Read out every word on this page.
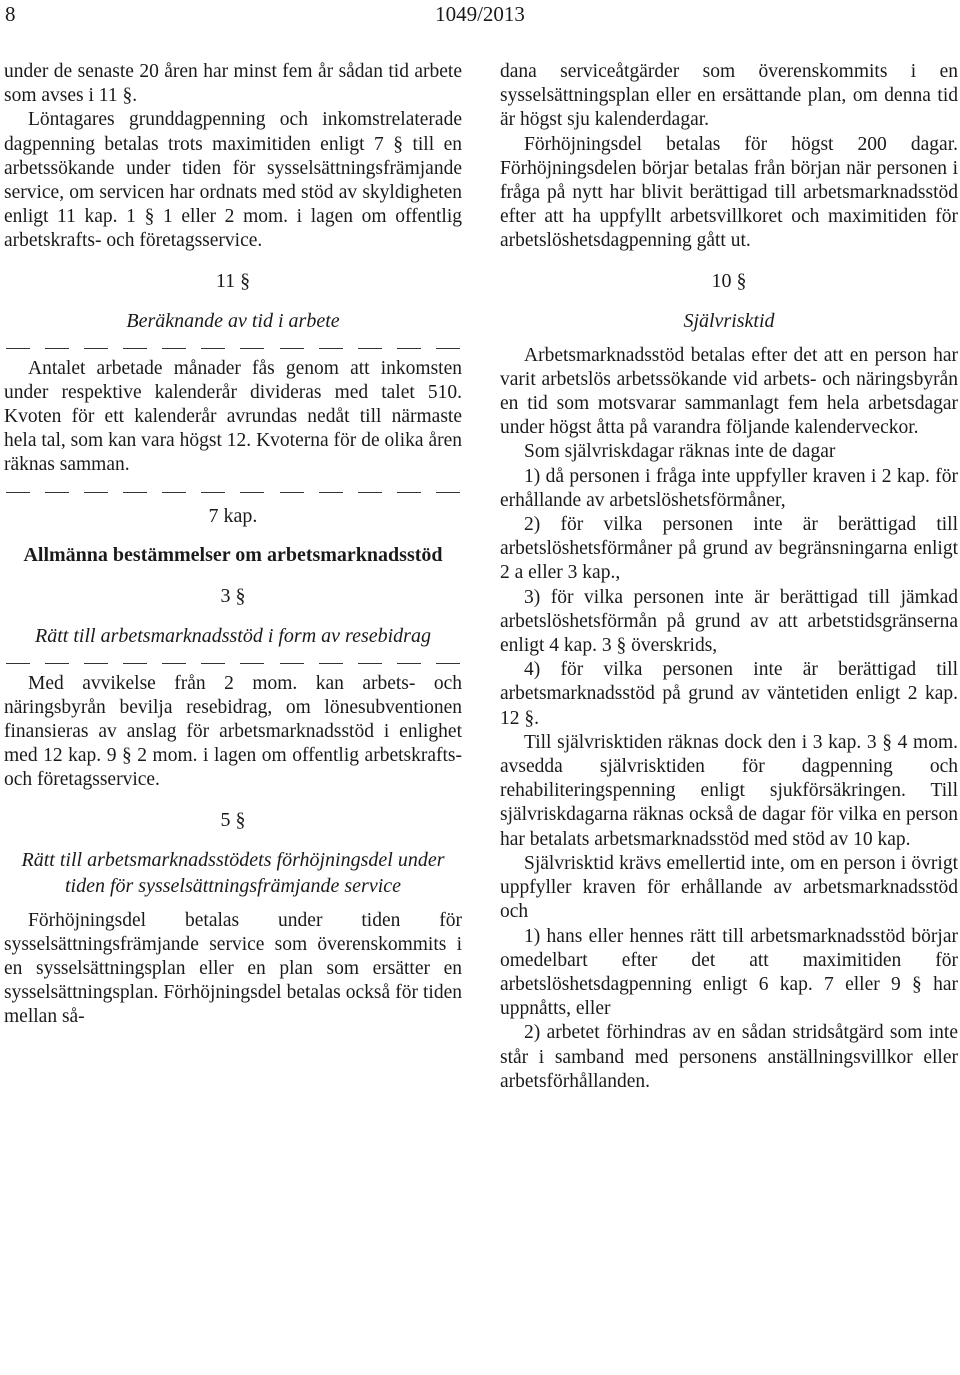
8	1049/2013

under de senaste 20 åren har minst fem år sådan tid arbete som avses i 11 §.

Löntagares grunddagpenning och inkomstrelaterade dagpenning betalas trots maximitiden enligt 7 § till en arbetssökande under tiden för sysselsättningsfrämjande service, om servicen har ordnats med stöd av skyldigheten enligt 11 kap. 1 § 1 eller 2 mom. i lagen om offentlig arbetskrafts- och företagsservice.

11 §
Beräknande av tid i arbete

Antalet arbetade månader fås genom att inkomsten under respektive kalenderår divideras med talet 510. Kvoten för ett kalenderår avrundas nedåt till närmaste hela tal, som kan vara högst 12. Kvoterna för de olika åren räknas samman.

7 kap.
Allmänna bestämmelser om arbetsmarknadsstöd
3 §
Rätt till arbetsmarknadsstöd i form av resebidrag

Med avvikelse från 2 mom. kan arbets- och näringsbyrån bevilja resebidrag, om lönesubventionen finansieras av anslag för arbetsmarknadsstöd i enlighet med 12 kap. 9 § 2 mom. i lagen om offentlig arbetskrafts- och företagsservice.

5 §
Rätt till arbetsmarknadsstödets förhöjningsdel under tiden för sysselsättningsfrämjande service

Förhöjningsdel betalas under tiden för sysselsättningsfrämjande service som överenskommits i en sysselsättningsplan eller en plan som ersätter en sysselsättningsplan. Förhöjningsdel betalas också för tiden mellan så-

dana serviceåtgärder som överenskommits i en sysselsättningsplan eller en ersättande plan, om denna tid är högst sju kalenderdagar.

Förhöjningsdel betalas för högst 200 dagar. Förhöjningsdelen börjar betalas från början när personen i fråga på nytt har blivit berättigad till arbetsmarknadsstöd efter att ha uppfyllt arbetsvillkoret och maximitiden för arbetslöshetsdagpenning gått ut.

10 §
Självrisktid

Arbetsmarknadsstöd betalas efter det att en person har varit arbetslös arbetssökande vid arbets- och näringsbyrån en tid som motsvarar sammanlagt fem hela arbetsdagar under högst åtta på varandra följande kalenderveckor.

Som självriskdagar räknas inte de dagar

1) då personen i fråga inte uppfyller kraven i 2 kap. för erhållande av arbetslöshetsförmåner,

2) för vilka personen inte är berättigad till arbetslöshetsförmåner på grund av begränsningarna enligt 2 a eller 3 kap.,

3) för vilka personen inte är berättigad till jämkad arbetslöshetsförmån på grund av att arbetstidsgränserna enligt 4 kap. 3 § överskrids,

4) för vilka personen inte är berättigad till arbetsmarknadsstöd på grund av väntetiden enligt 2 kap. 12 §.

Till självrisktiden räknas dock den i 3 kap. 3 § 4 mom. avsedda självrisktiden för dagpenning och rehabiliteringspenning enligt sjukförsäkringen. Till självriskdagarna räknas också de dagar för vilka en person har betalats arbetsmarknadsstöd med stöd av 10 kap.

Självrisktid krävs emellertid inte, om en person i övrigt uppfyller kraven för erhållande av arbetsmarknadsstöd och

1) hans eller hennes rätt till arbetsmarknadsstöd börjar omedelbart efter det att maximitiden för arbetslöshetsdagpenning enligt 6 kap. 7 eller 9 § har uppnåtts, eller

2) arbetet förhindras av en sådan stridsåtgärd som inte står i samband med personens anställningsvillkor eller arbetsförhållanden.
